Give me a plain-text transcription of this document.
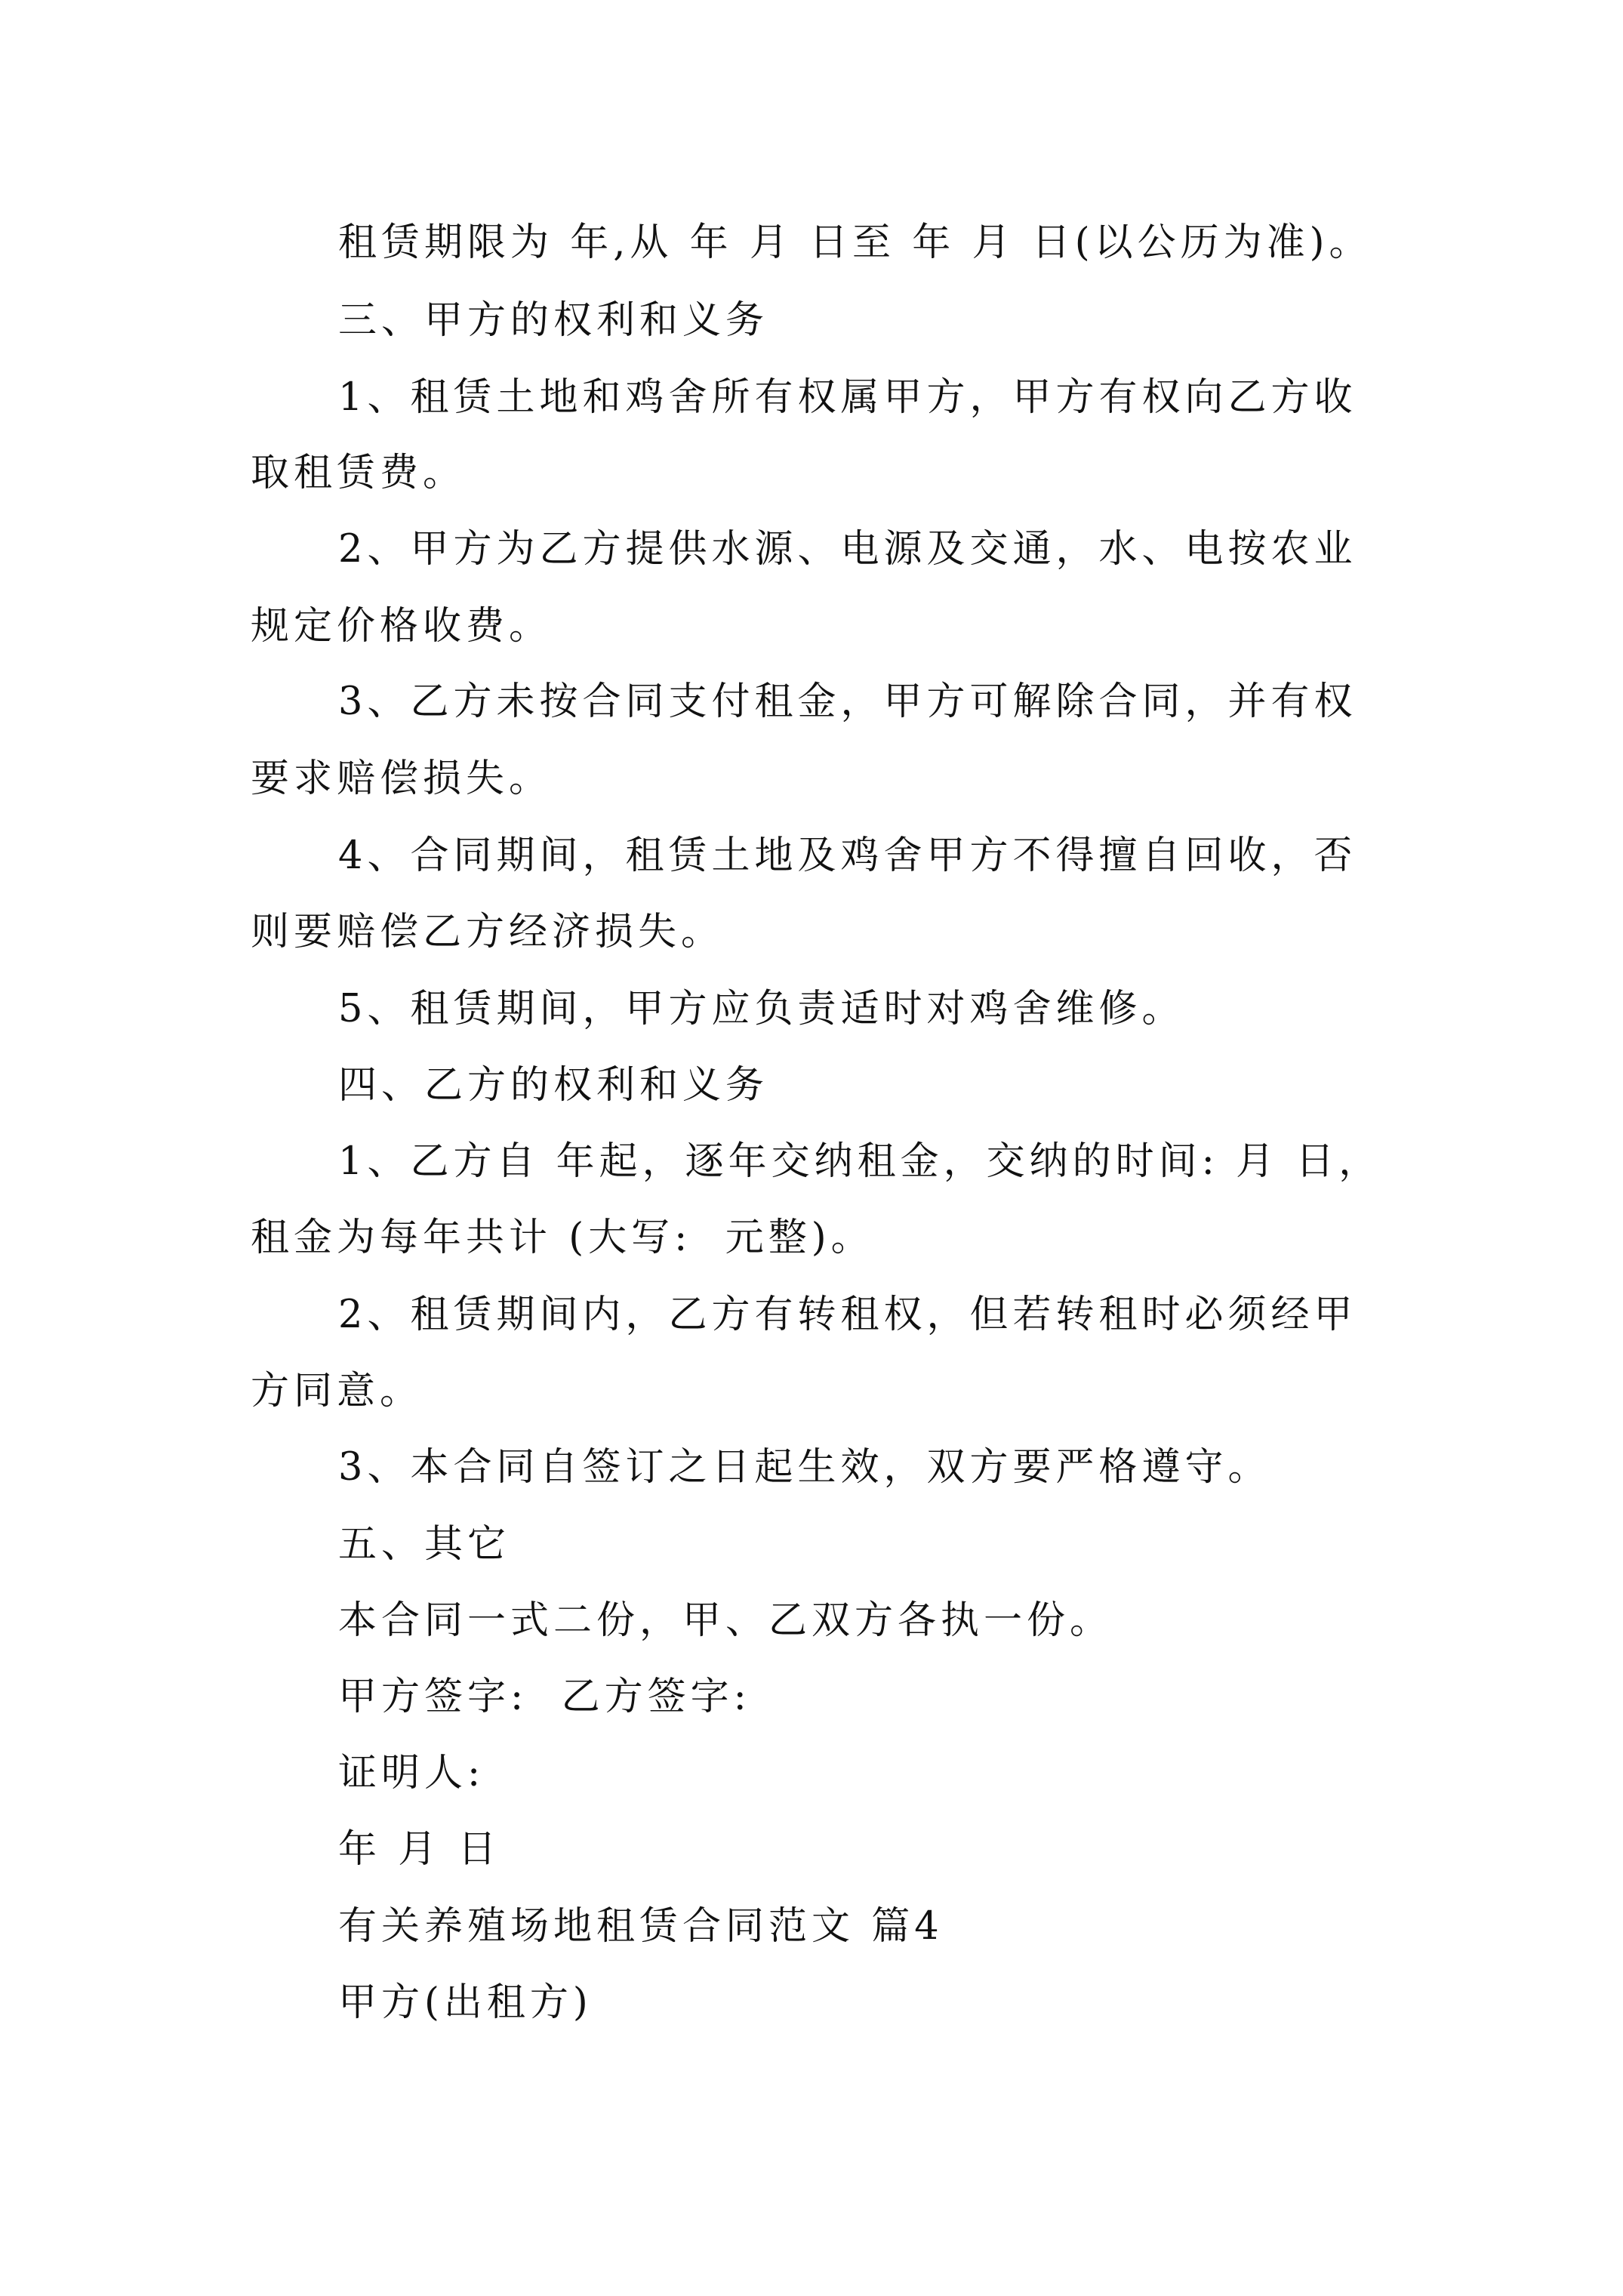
租赁期限为 年,从 年 月 日至 年 月 日(以公历为准)。
三、甲方的权利和义务
1、租赁土地和鸡舍所有权属甲方，甲方有权向乙方收
取租赁费。
2、甲方为乙方提供水源、电源及交通，水、电按农业
规定价格收费。
3、乙方未按合同支付租金，甲方可解除合同，并有权
要求赔偿损失。
4、合同期间，租赁土地及鸡舍甲方不得擅自回收，否
则要赔偿乙方经济损失。
5、租赁期间，甲方应负责适时对鸡舍维修。
四、乙方的权利和义务
1、乙方自 年起，逐年交纳租金，交纳的时间: 月 日，
租金为每年共计 (大写:  元整)。
2、租赁期间内，乙方有转租权，但若转租时必须经甲
方同意。
3、本合同自签订之日起生效，双方要严格遵守。
五、其它
本合同一式二份，甲、乙双方各执一份。
甲方签字:  乙方签字:
证明人:
年 月 日
有关养殖场地租赁合同范文 篇4
甲方(出租方)
